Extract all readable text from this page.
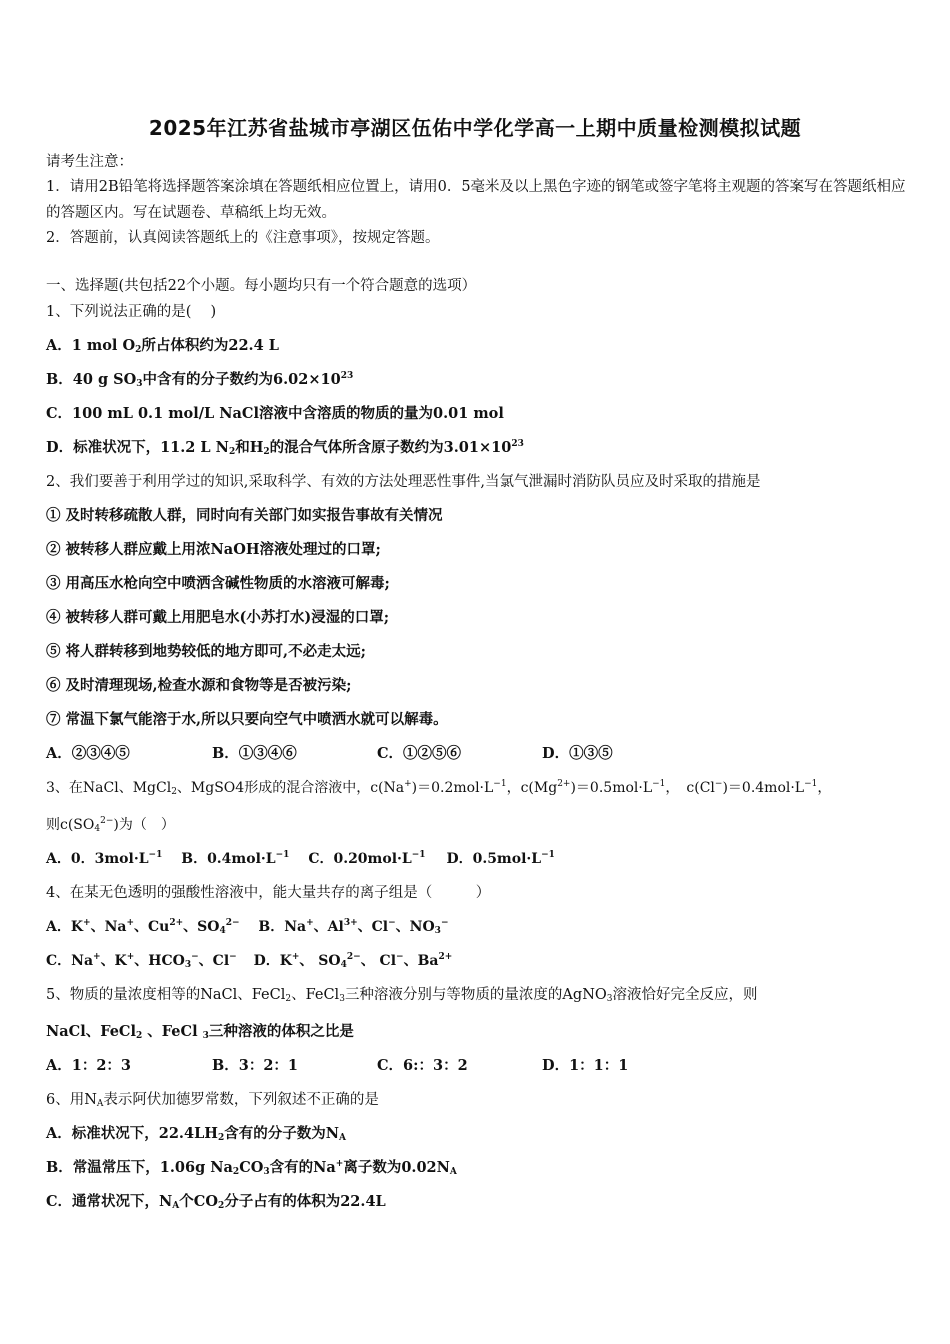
2025年江苏省盐城市亭湖区伍佑中学化学高一上期中质量检测模拟试题
请考生注意：
1．请用2B铅笔将选择题答案涂填在答题纸相应位置上，请用0．5毫米及以上黑色字迹的钢笔或签字笔将主观题的答案写在答题纸相应的答题区内。写在试题卷、草稿纸上均无效。
2．答题前，认真阅读答题纸上的《注意事项》，按规定答题。
一、选择题(共包括22个小题。每小题均只有一个符合题意的选项）
1、下列说法正确的是(　 )
A．1 mol $O_2$所占体积约为22.4 L
B．40 g $SO_3$中含有的分子数约为$6.02\times 10^{23}$
C．100 mL 0.1 mol/L NaCl溶液中含溶质的物质的量为0.01 mol
D．标准状况下，11.2 L $N_2$和$H_2$的混合气体所含原子数约为$3.01\times 10^{23}$
2、我们要善于利用学过的知识,采取科学、有效的方法处理恶性事件,当氯气泄漏时消防队员应及时采取的措施是
① 及时转移疏散人群，同时向有关部门如实报告事故有关情况
② 被转移人群应戴上用浓NaOH溶液处理过的口罩;
③ 用高压水枪向空中喷洒含碱性物质的水溶液可解毒;
④ 被转移人群可戴上用肥皂水(小苏打水)浸湿的口罩;
⑤ 将人群转移到地势较低的地方即可,不必走太远;
⑥ 及时清理现场,检查水源和食物等是否被污染;
⑦ 常温下氯气能溶于水,所以只要向空气中喷洒水就可以解毒。
A．②③④⑤	B．①③④⑥	C．①②⑤⑥	D．①③⑤
3、在NaCl、MgCl$_2$、MgSO4形成的混合溶液中，$c(Na^+)=0.2mol\cdot L^{-1}$，$c(Mg^{2+})=0.5mol\cdot L^{-1}$，　$c(Cl^-)=0.4mol\cdot L^{-1}$，
则$c(SO_4^{2-})$为（　）
A．0．$3mol\cdot L^{-1}$ B．$0.4mol\cdot L^{-1}$ C．$0.20mol\cdot L^{-1}$ D．$0.5mol\cdot L^{-1}$
4、在某无色透明的强酸性溶液中，能大量共存的离子组是（　　　）
A．K+、Na+、$Cu^{2+}$、$SO_4^{2-}$ B．Na+、$Al^{3+}$、Cl−、$NO_3^-$
C．Na+、K+、$HCO_3^-$、Cl− D．K+、 $SO_4^{2-}$、 Cl−、$Ba^{2+}$
5、物质的量浓度相等的NaCl、FeCl$_2$、FeCl$_3$三种溶液分别与等物质的量浓度的AgNO$_3$溶液恰好完全反应，则
NaCl、FeCl$_2$ 、FeCl $_3$三种溶液的体积之比是
A．1：2：3	B．3：2：1	C．6:：3：2	D．1：1：1
6、用$N_A$表示阿伏加德罗常数，下列叙述不正确的是
A．标准状况下，$22.4LH_2$含有的分子数为$N_A$
B．常温常压下，1.06g $Na_2CO_3$含有的Na+离子数为$0.02N_A$
C．通常状况下，$N_A$个$CO_2$分子占有的体积为22.4L
